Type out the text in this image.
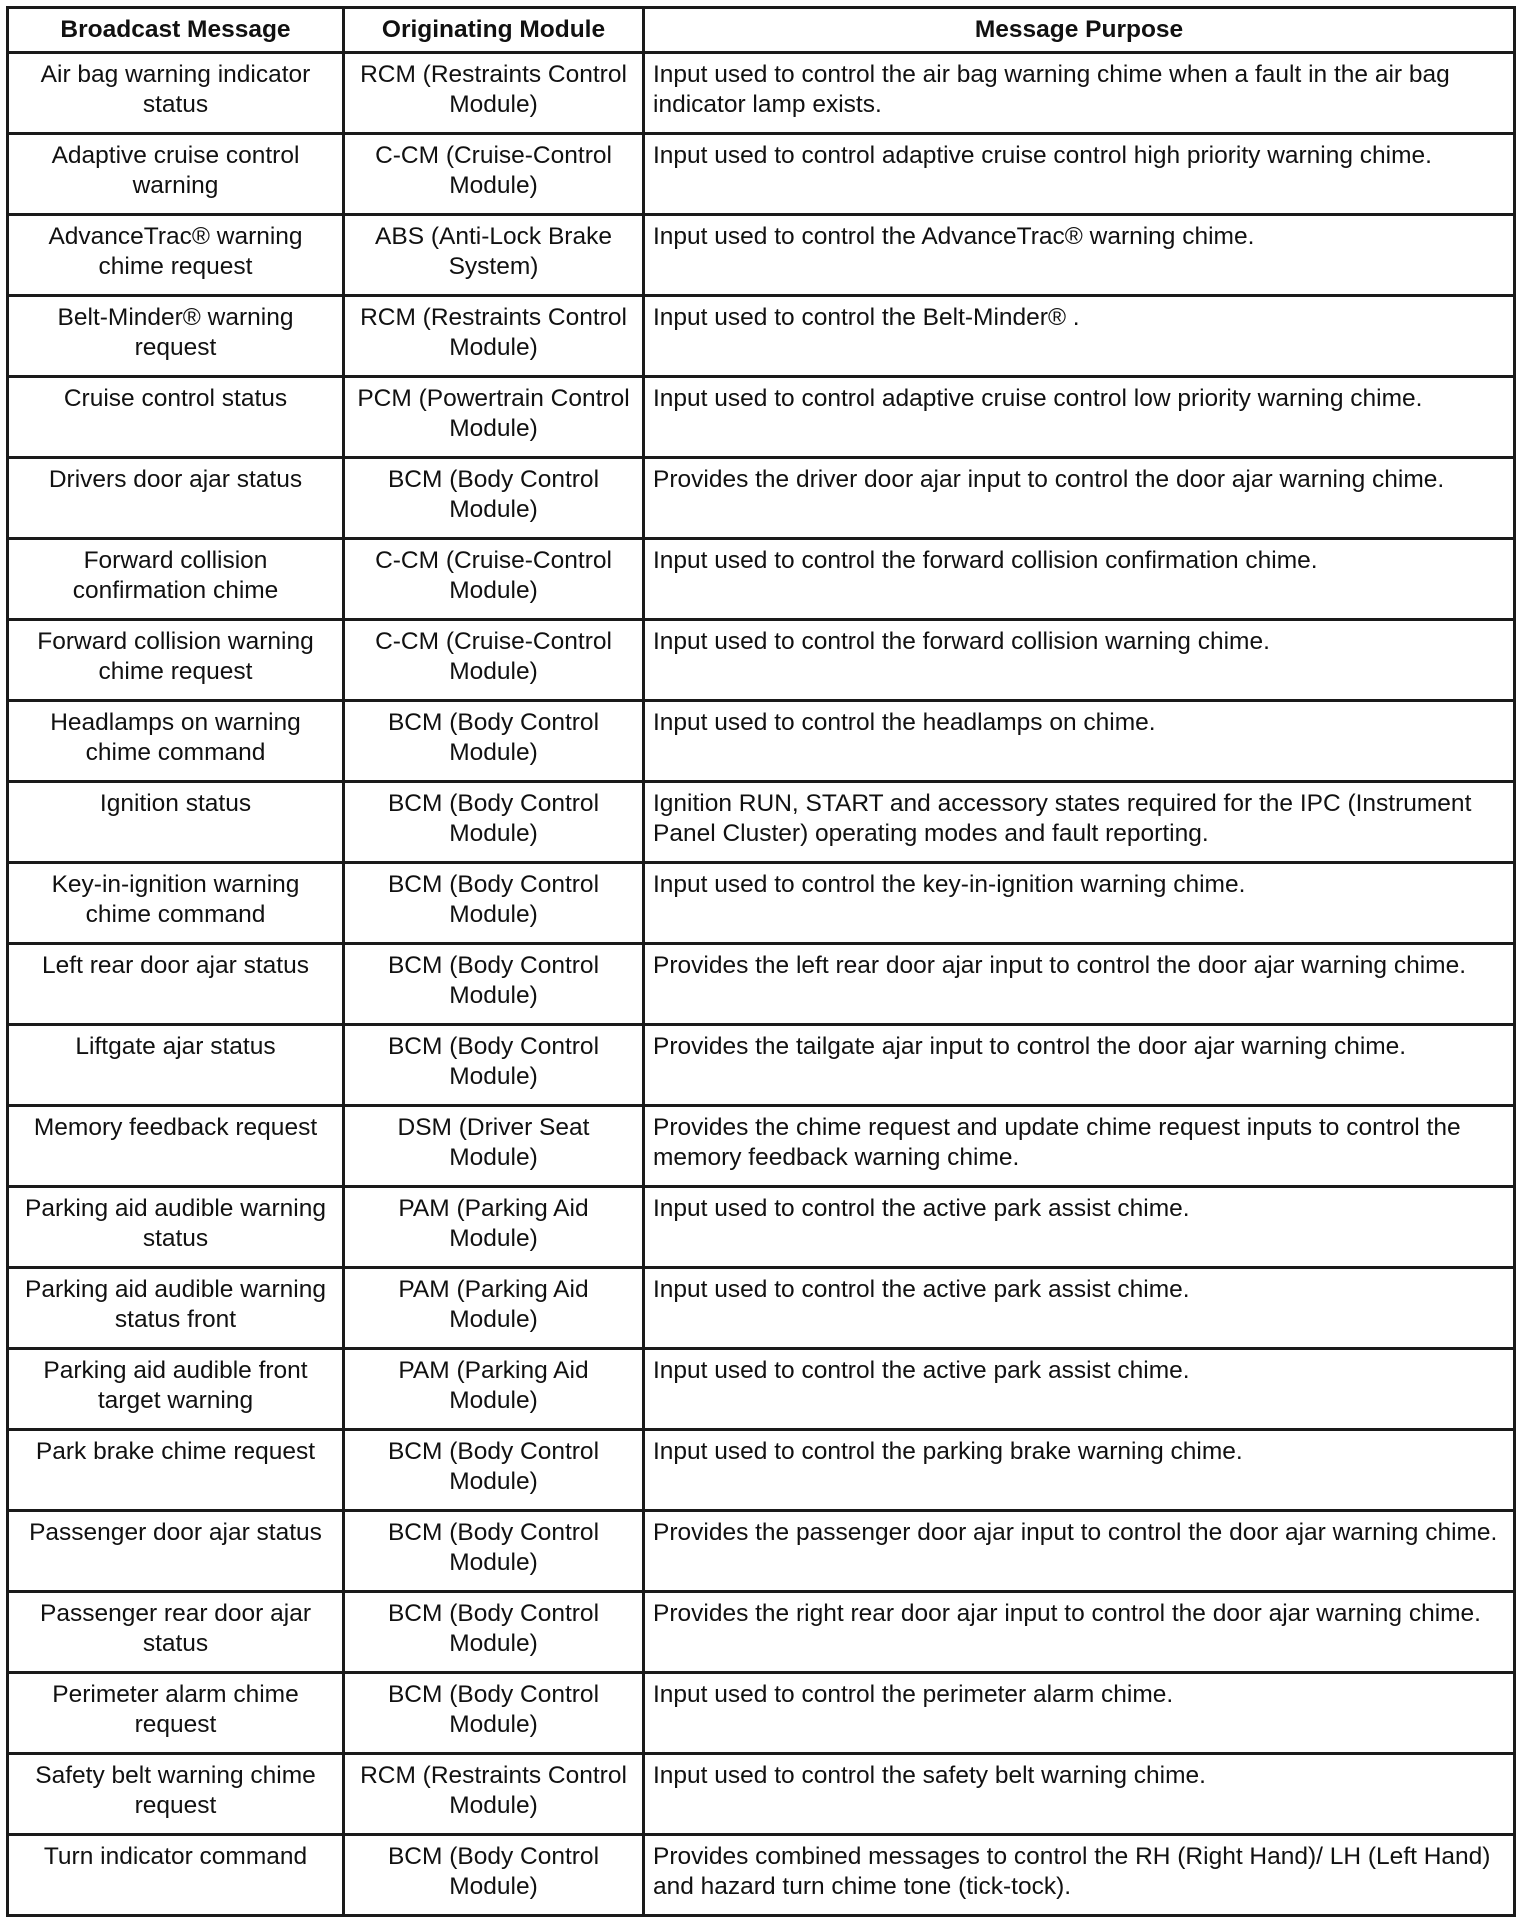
Broadcast Message	Originating Module	Message Purpose
Air bag warning indicator status	RCM (Restraints Control Module)	Input used to control the air bag warning chime when a fault in the air bag indicator lamp exists.
Adaptive cruise control warning	C-CM (Cruise-Control Module)	Input used to control adaptive cruise control high priority warning chime.
AdvanceTrac® warning chime request	ABS (Anti-Lock Brake System)	Input used to control the AdvanceTrac® warning chime.
Belt-Minder® warning request	RCM (Restraints Control Module)	Input used to control the Belt-Minder® .
Cruise control status	PCM (Powertrain Control Module)	Input used to control adaptive cruise control low priority warning chime.
Drivers door ajar status	BCM (Body Control Module)	Provides the driver door ajar input to control the door ajar warning chime.
Forward collision confirmation chime	C-CM (Cruise-Control Module)	Input used to control the forward collision confirmation chime.
Forward collision warning chime request	C-CM (Cruise-Control Module)	Input used to control the forward collision warning chime.
Headlamps on warning chime command	BCM (Body Control Module)	Input used to control the headlamps on chime.
Ignition status	BCM (Body Control Module)	Ignition RUN, START and accessory states required for the IPC (Instrument Panel Cluster) operating modes and fault reporting.
Key-in-ignition warning chime command	BCM (Body Control Module)	Input used to control the key-in-ignition warning chime.
Left rear door ajar status	BCM (Body Control Module)	Provides the left rear door ajar input to control the door ajar warning chime.
Liftgate ajar status	BCM (Body Control Module)	Provides the tailgate ajar input to control the door ajar warning chime.
Memory feedback request	DSM (Driver Seat Module)	Provides the chime request and update chime request inputs to control the memory feedback warning chime.
Parking aid audible warning status	PAM (Parking Aid Module)	Input used to control the active park assist chime.
Parking aid audible warning status front	PAM (Parking Aid Module)	Input used to control the active park assist chime.
Parking aid audible front target warning	PAM (Parking Aid Module)	Input used to control the active park assist chime.
Park brake chime request	BCM (Body Control Module)	Input used to control the parking brake warning chime.
Passenger door ajar status	BCM (Body Control Module)	Provides the passenger door ajar input to control the door ajar warning chime.
Passenger rear door ajar status	BCM (Body Control Module)	Provides the right rear door ajar input to control the door ajar warning chime.
Perimeter alarm chime request	BCM (Body Control Module)	Input used to control the perimeter alarm chime.
Safety belt warning chime request	RCM (Restraints Control Module)	Input used to control the safety belt warning chime.
Turn indicator command	BCM (Body Control Module)	Provides combined messages to control the RH (Right Hand)/ LH (Left Hand) and hazard turn chime tone (tick-tock).
